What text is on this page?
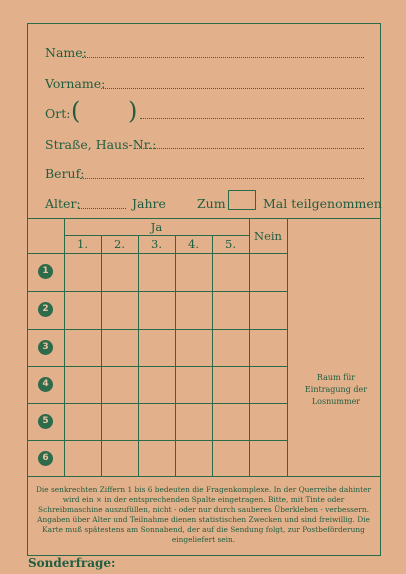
Name:
Vorname:
Ort: ( )
Straße, Haus-Nr.:
Beruf:
Alter:	Jahre Zum	Mal teilgenommen
Ja
Nein
1.	2.	3.	4.	5.
1
2
3
4
5
6
Raum für Eintragung der Losnummer
Die senkrechten Ziffern 1 bis 6 bedeuten die Fragenkomplexe. In der Querreihe dahinter wird ein × in der entsprechenden Spalte eingetragen. Bitte, mit Tinte oder Schreibmaschine auszufüllen, nicht - oder nur durch sauberes Überkleben - verbessern. Angaben über Alter und Teilnahme dienen statistischen Zwecken und sind freiwillig. Die Karte muß spätestens am Sonnabend, der auf die Sendung folgt, zur Postbeförderung eingeliefert sein.
Sonderfrage:
